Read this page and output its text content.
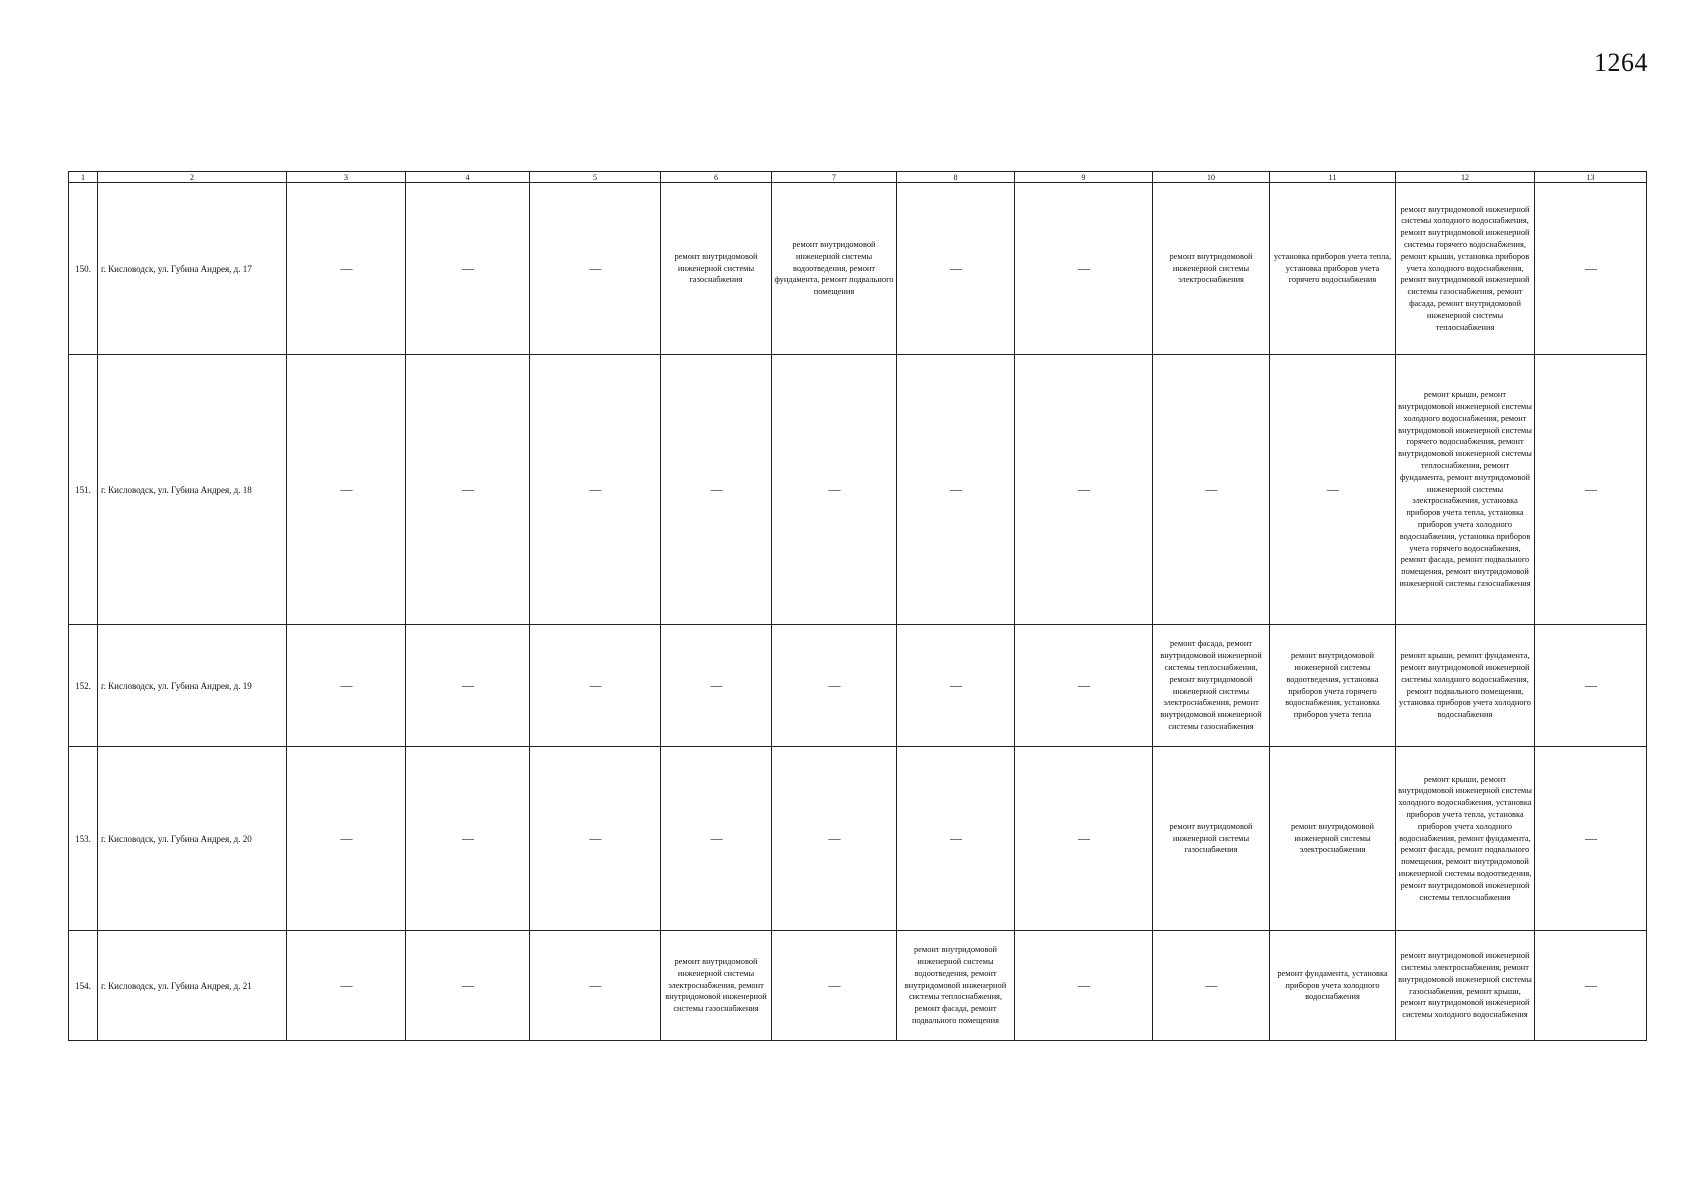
1264
1	2	3	4	5	6	7	8	9	10	11	12	13
150.	г. Кисловодск, ул. Губина Андрея, д. 17	—	—	—	ремонт внутридомовой инженерной системы газоснабжения	ремонт внутридомовой инженерной системы водоотведения, ремонт фундамента, ремонт подвального помещения	—	—	ремонт внутридомовой инженерной системы электроснабжения	установка приборов учета тепла, установка приборов учета горячего водоснабжения	ремонт внутридомовой инженерной системы холодного водоснабжения, ремонт внутридомовой инженерной системы горячего водоснабжения, ремонт крыши, установка приборов учета холодного водоснабжения, ремонт внутридомовой инженерной системы газоснабжения, ремонт фасада, ремонт внутридомовой инженерной системы теплоснабжения	—
151.	г. Кисловодск, ул. Губина Андрея, д. 18	—	—	—	—	—	—	—	—	—	ремонт крыши, ремонт внутридомовой инженерной системы холодного водоснабжения, ремонт внутридомовой инженерной системы горячего водоснабжения, ремонт внутридомовой инженерной системы теплоснабжения, ремонт фундамента, ремонт внутридомовой инженерной системы электроснабжения, установка приборов учета тепла, установка приборов учета холодного водоснабжения, установка приборов учета горячего водоснабжения, ремонт фасада, ремонт подвального помещения, ремонт внутридомовой инженерной системы газоснабжения	—
152.	г. Кисловодск, ул. Губина Андрея, д. 19	—	—	—	—	—	—	—	ремонт фасада, ремонт внутридомовой инженерной системы теплоснабжения, ремонт внутридомовой инженерной системы электроснабжения, ремонт внутридомовой инженерной системы газоснабжения	ремонт внутридомовой инженерной системы водоотведения, установка приборов учета горячего водоснабжения, установка приборов учета тепла	ремонт крыши, ремонт фундамента, ремонт внутридомовой инженерной системы холодного водоснабжения, ремонт подвального помещения, установка приборов учета холодного водоснабжения	—
153.	г. Кисловодск, ул. Губина Андрея, д. 20	—	—	—	—	—	—	—	ремонт внутридомовой инженерной системы газоснабжения	ремонт внутридомовой инженерной системы электроснабжения	ремонт крыши, ремонт внутридомовой инженерной системы холодного водоснабжения, установка приборов учета тепла, установка приборов учета холодного водоснабжения, ремонт фундамента, ремонт фасада, ремонт подвального помещения, ремонт внутридомовой инженерной системы водоотведения, ремонт внутридомовой инженерной системы теплоснабжения	—
154.	г. Кисловодск, ул. Губина Андрея, д. 21	—	—	—	ремонт внутридомовой инженерной системы электроснабжения, ремонт внутридомовой инженерной системы газоснабжения	—	ремонт внутридомовой инженерной системы водоотведения, ремонт внутридомовой инженерной системы теплоснабжения, ремонт фасада, ремонт подвального помещения	—	—	ремонт фундамента, установка приборов учета холодного водоснабжения	ремонт внутридомовой инженерной системы электроснабжения, ремонт внутридомовой инженерной системы газоснабжения, ремонт крыши, ремонт внутридомовой инженерной системы холодного водоснабжения	—
